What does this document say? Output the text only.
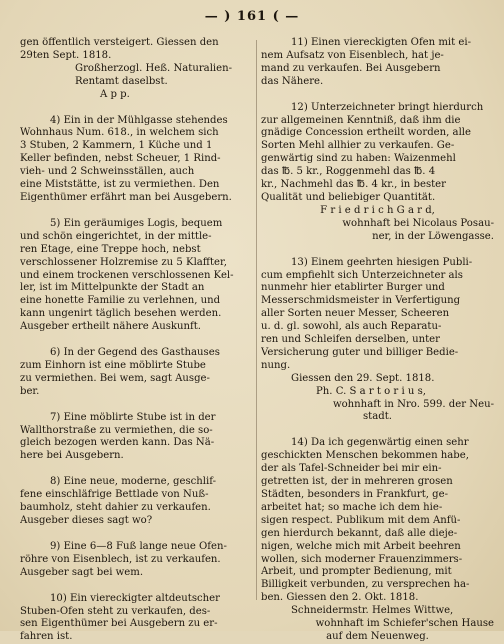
— ) 161 ( —

gen öffentlich versteigert. Giessen den

29ten Sept. 1818.

Großherzogl. Heß. Naturalien-

Rentamt daselbst.

A p p.

4) Ein in der Mühlgasse stehendes

Wohnhaus Num. 618., in welchem sich

3 Stuben, 2 Kammern, 1 Küche und 1

Keller befinden, nebst Scheuer, 1 Rind-

vieh- und 2 Schweinsställen, auch

eine Miststätte, ist zu vermiethen. Den

Eigenthümer erfährt man bei Ausgebern.

5) Ein geräumiges Logis, bequem

und schön eingerichtet, in der mittle-

ren Etage, eine Treppe hoch, nebst

verschlossener Holzremise zu 5 Klaffter,

und einem trockenen verschlossenen Kel-

ler, ist im Mittelpunkte der Stadt an

eine honette Familie zu verlehnen, und

kann ungenirt täglich besehen werden.

Ausgeber ertheilt nähere Auskunft.

6) In der Gegend des Gasthauses

zum Einhorn ist eine möblirte Stube

zu vermiethen. Bei wem, sagt Ausge-

ber.

7) Eine möblirte Stube ist in der

Wallthorstraße zu vermiethen, die so-

gleich bezogen werden kann. Das Nä-

here bei Ausgebern.

8) Eine neue, moderne, geschlif-

fene einschläfrige Bettlade von Nuß-

baumholz, steht dahier zu verkaufen.

Ausgeber dieses sagt wo?

9) Eine 6—8 Fuß lange neue Ofen-

röhre von Eisenblech, ist zu verkaufen.

Ausgeber sagt bei wem.

10) Ein viereckigter altdeutscher

Stuben-Ofen steht zu verkaufen, des-

sen Eigenthümer bei Ausgebern zu er-

fahren ist.

11) Einen viereckigten Ofen mit ei-

nem Aufsatz von Eisenblech, hat je-

mand zu verkaufen. Bei Ausgebern

das Nähere.

12) Unterzeichneter bringt hierdurch

zur allgemeinen Kenntniß, daß ihm die

gnädige Concession ertheilt worden, alle

Sorten Mehl allhier zu verkaufen. Ge-

genwärtig sind zu haben: Waizenmehl

das ℔. 5 kr., Roggenmehl das ℔. 4

kr., Nachmehl das ℔. 4 kr., in bester

Qualität und beliebiger Quantität.

F r i e d r i c h G a r d,

wohnhaft bei Nicolaus Posau-

ner, in der Löwengasse.

13) Einem geehrten hiesigen Publi-

cum empfiehlt sich Unterzeichneter als

nunmehr hier etablirter Burger und

Messerschmidsmeister in Verfertigung

aller Sorten neuer Messer, Scheeren

u. d. gl. sowohl, als auch Reparatu-

ren und Schleifen derselben, unter

Versicherung guter und billiger Bedie-

nung.

Giessen den 29. Sept. 1818.

Ph. C. S a r t o r i u s,

wohnhaft in Nro. 599. der Neu-

stadt.

14) Da ich gegenwärtig einen sehr

geschickten Menschen bekommen habe,

der als Tafel-Schneider bei mir ein-

getretten ist, der in mehreren grosen

Städten, besonders in Frankfurt, ge-

arbeitet hat; so mache ich dem hie-

sigen respect. Publikum mit dem Anfü-

gen hierdurch bekannt, daß alle dieje-

nigen, welche mich mit Arbeit beehren

wollen, sich moderner Frauenzimmers-

Arbeit, und prompter Bedienung, mit

Billigkeit verbunden, zu versprechen ha-

ben. Giessen den 2. Okt. 1818.

Schneidermstr. Helmes Wittwe,

wohnhaft im Schiefer'schen Hause

auf dem Neuenweg.
